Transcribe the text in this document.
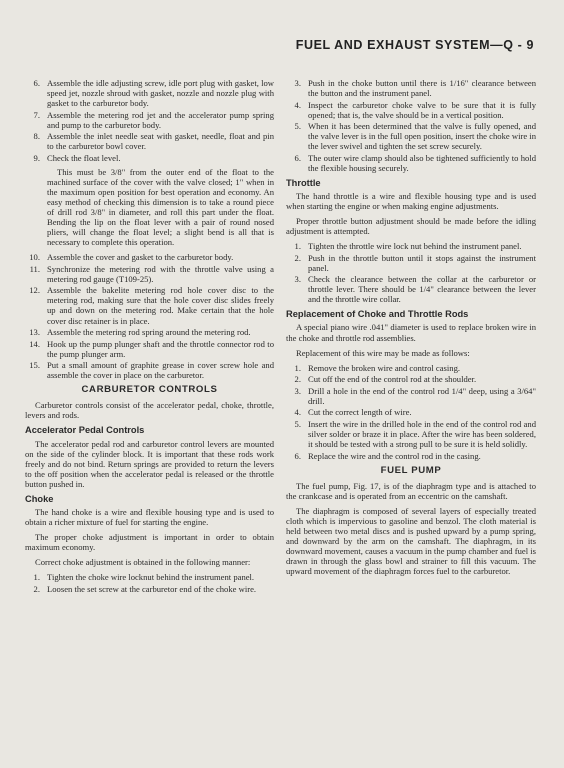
FUEL AND EXHAUST SYSTEM—Q - 9
6. Assemble the idle adjusting screw, idle port plug with gasket, low speed jet, nozzle shroud with gasket, nozzle and nozzle plug with gasket to the carburetor body.
7. Assemble the metering rod jet and the accelerator pump spring and pump to the carburetor body.
8. Assemble the inlet needle seat with gasket, needle, float and pin to the carburetor bowl cover.
9. Check the float level.

This must be 3/8" from the outer end of the float to the machined surface of the cover with the valve closed; 1" when in the maximum open position for best operation and economy. An easy method of checking this dimension is to take a round piece of drill rod 3/8" in diameter, and roll this part under the float. Bending the lip on the float lever with a pair of round nosed pliers, will change the float level; a slight bend is all that is necessary to complete this operation.

10. Assemble the cover and gasket to the carburetor body.
11. Synchronize the metering rod with the throttle valve using a metering rod gauge (T109-25).
12. Assemble the bakelite metering rod hole cover disc to the metering rod, making sure that the hole cover disc slides freely up and down on the metering rod. Make certain that the hole cover disc retainer is in place.
13. Assemble the metering rod spring around the metering rod.
14. Hook up the pump plunger shaft and the throttle connector rod to the pump plunger arm.
15. Put a small amount of graphite grease in cover screw hole and assemble the cover in place on the carburetor.
CARBURETOR CONTROLS

Carburetor controls consist of the accelerator pedal, choke, throttle, levers and rods.

Accelerator Pedal Controls

The accelerator pedal rod and carburetor control levers are mounted on the side of the cylinder block. It is important that these rods work freely and do not bind. Return springs are provided to return the levers to the off position when the accelerator pedal is released or the throttle button pushed in.

Choke

The hand choke is a wire and flexible housing type and is used to obtain a richer mixture of fuel for starting the engine.

The proper choke adjustment is important in order to obtain maximum economy.

Correct choke adjustment is obtained in the following manner:

1. Tighten the choke wire locknut behind the instrument panel.
2. Loosen the set screw at the carburetor end of the choke wire.
3. Push in the choke button until there is 1/16" clearance between the button and the instrument panel.
4. Inspect the carburetor choke valve to be sure that it is fully opened; that is, the valve should be in a vertical position.
5. When it has been determined that the valve is fully opened, and the valve lever is in the full open position, insert the choke wire in the lever swivel and tighten the set screw securely.
6. The outer wire clamp should also be tightened sufficiently to hold the flexible housing securely.
Throttle

The hand throttle is a wire and flexible housing type and is used when starting the engine or when making engine adjustments.

Proper throttle button adjustment should be made before the idling adjustment is attempted.

1. Tighten the throttle wire lock nut behind the instrument panel.
2. Push in the throttle button until it stops against the instrument panel.
3. Check the clearance between the collar at the carburetor or throttle lever. There should be 1/4" clearance between the lever and the throttle wire collar.
Replacement of Choke and Throttle Rods

A special piano wire .041" diameter is used to replace broken wire in the choke and throttle rod assemblies.

Replacement of this wire may be made as follows:

1. Remove the broken wire and control casing.
2. Cut off the end of the control rod at the shoulder.
3. Drill a hole in the end of the control rod 1/4" deep, using a 3/64" drill.
4. Cut the correct length of wire.
5. Insert the wire in the drilled hole in the end of the control rod and silver solder or braze it in place. After the wire has been soldered, it should be tested with a strong pull to be sure it is held solidly.
6. Replace the wire and the control rod in the casing.
FUEL PUMP

The fuel pump, Fig. 17, is of the diaphragm type and is attached to the crankcase and is operated from an eccentric on the camshaft.

The diaphragm is composed of several layers of especially treated cloth which is impervious to gasoline and benzol. The cloth material is held between two metal discs and is pushed upward by a pump spring, and downward by the arm on the camshaft. The diaphragm, in its downward movement, causes a vacuum in the pump chamber and fuel is drawn in through the glass bowl and strainer to fill this vacuum. The upward movement of the diaphragm forces fuel to the carburetor.
